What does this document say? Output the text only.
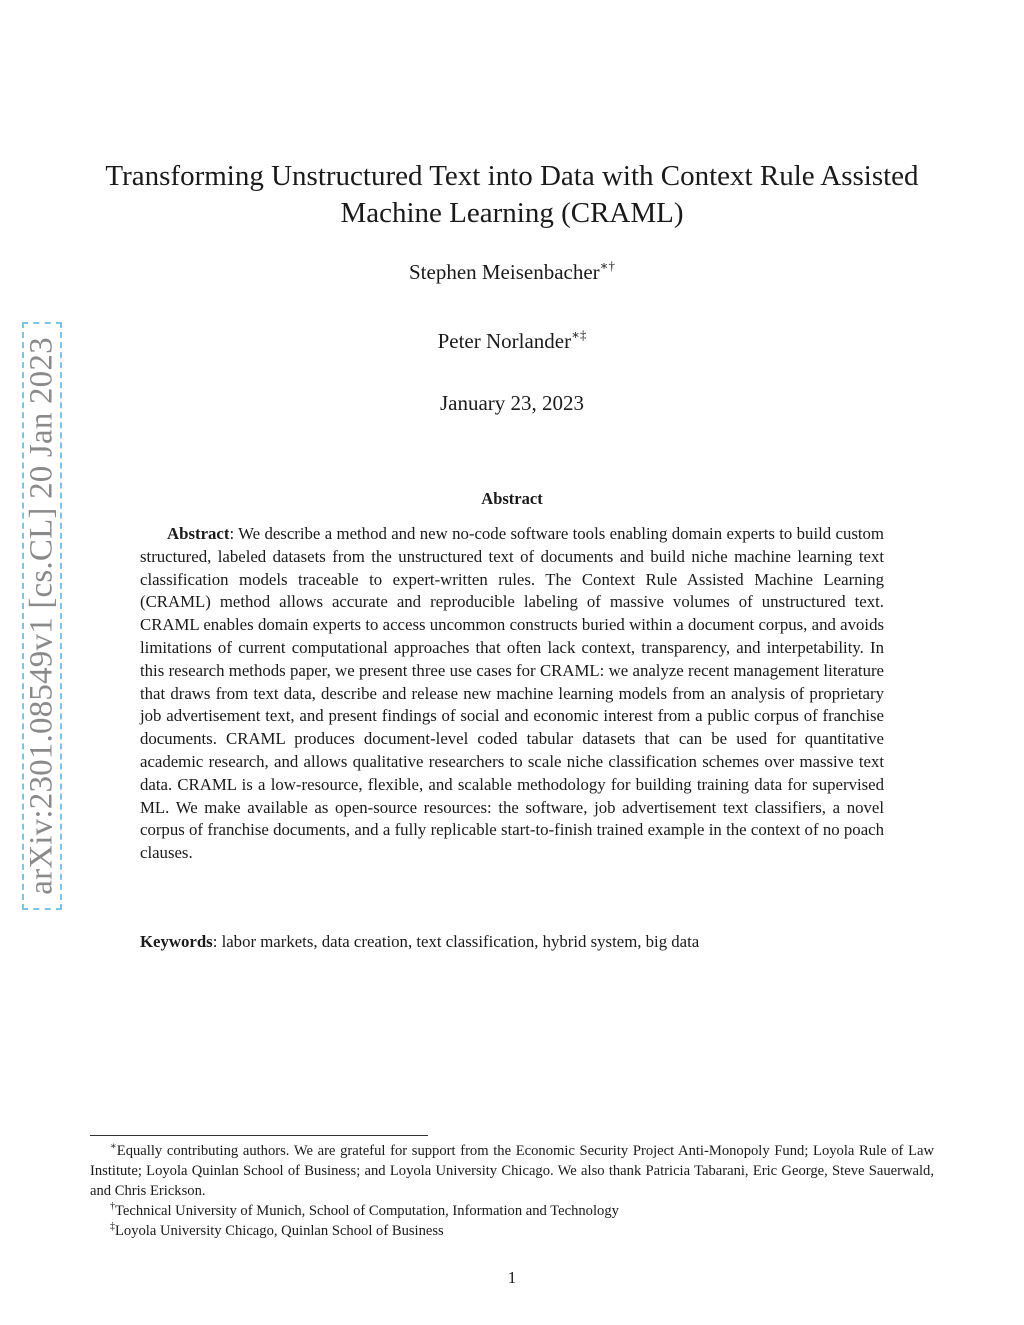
arXiv:2301.08549v1 [cs.CL] 20 Jan 2023
Transforming Unstructured Text into Data with Context Rule Assisted Machine Learning (CRAML)
Stephen Meisenbacher∗†
Peter Norlander∗‡
January 23, 2023
Abstract
Abstract: We describe a method and new no-code software tools enabling domain experts to build custom structured, labeled datasets from the unstructured text of documents and build niche machine learning text classification models traceable to expert-written rules. The Context Rule Assisted Machine Learning (CRAML) method allows accurate and reproducible labeling of massive volumes of unstructured text. CRAML enables domain experts to access uncommon constructs buried within a document corpus, and avoids limitations of current computational approaches that often lack context, transparency, and interpetability. In this research methods paper, we present three use cases for CRAML: we analyze recent management literature that draws from text data, describe and release new machine learning models from an analysis of proprietary job advertisement text, and present findings of social and economic interest from a public corpus of franchise documents. CRAML produces document-level coded tabular datasets that can be used for quantitative academic research, and allows qualitative researchers to scale niche classification schemes over massive text data. CRAML is a low-resource, flexible, and scalable methodology for building training data for supervised ML. We make available as open-source resources: the software, job advertisement text classifiers, a novel corpus of franchise documents, and a fully replicable start-to-finish trained example in the context of no poach clauses.
Keywords: labor markets, data creation, text classification, hybrid system, big data

∗Equally contributing authors. We are grateful for support from the Economic Security Project Anti-Monopoly Fund; Loyola Rule of Law Institute; Loyola Quinlan School of Business; and Loyola University Chicago. We also thank Patricia Tabarani, Eric George, Steve Sauerwald, and Chris Erickson.

†Technical University of Munich, School of Computation, Information and Technology

‡Loyola University Chicago, Quinlan School of Business

1
